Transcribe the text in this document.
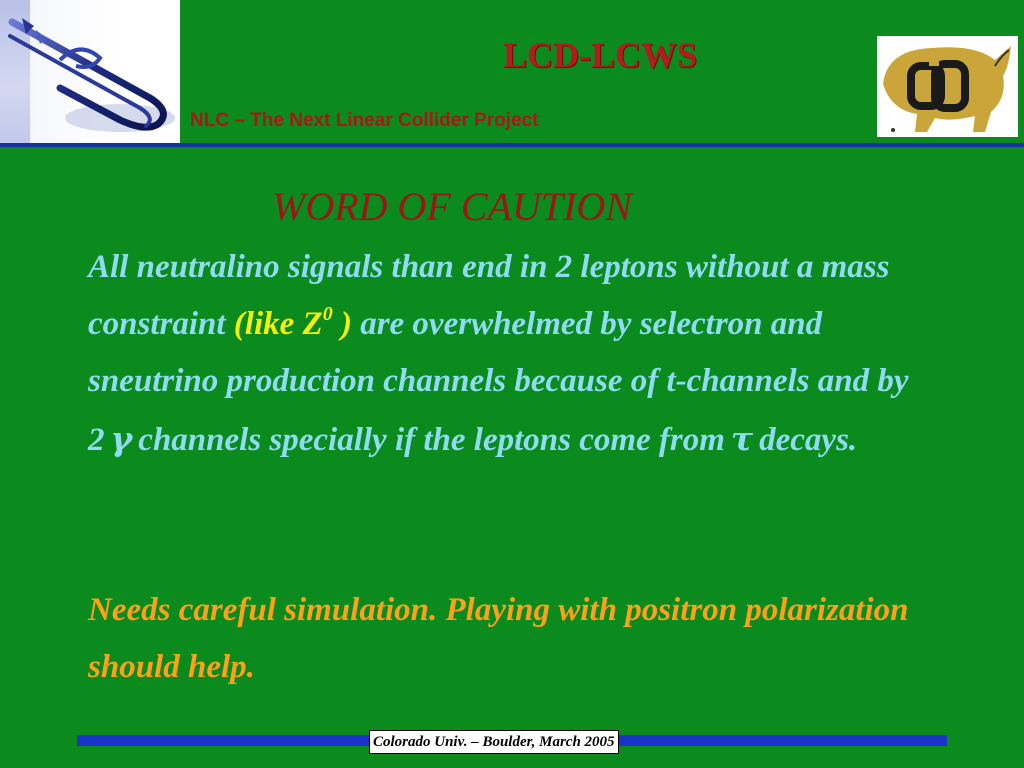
LCD-LCWS
NLC – The Next Linear Collider Project
WORD OF CAUTION
All neutralino signals than end in 2 leptons without a mass constraint (like $Z^0$ ) are overwhelmed by selectron and sneutrino production channels because of t-channels and by 2 γ channels specially if the leptons come from τ decays.
Needs careful simulation. Playing with positron polarization should help.
Colorado Univ. – Boulder, March 2005
